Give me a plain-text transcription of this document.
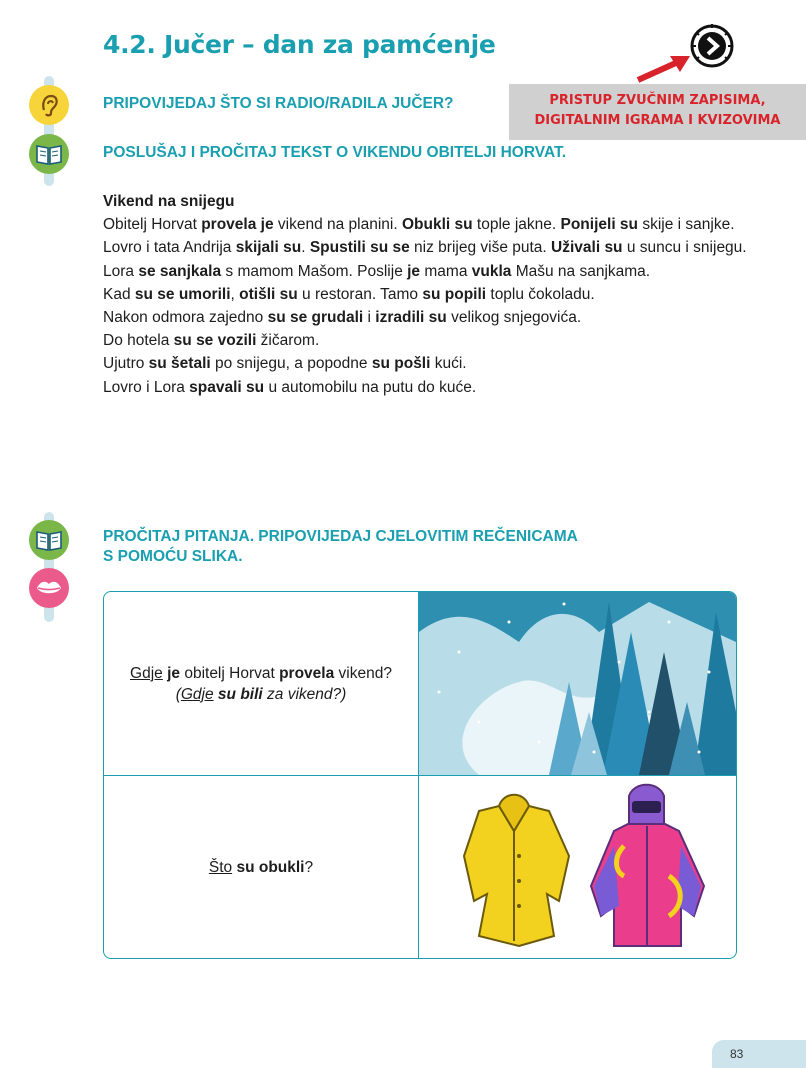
4.2. Jučer – dan za pamćenje
PRISTUP ZVUČNIM ZAPISIMA,
DIGITALNIM IGRAMA I KVIZOVIMA
PRIPOVIJEDAJ ŠTO SI RADIO/RADILA JUČER?
POSLUŠAJ I PROČITAJ TEKST O VIKENDU OBITELJI HORVAT.
Vikend na snijegu
Obitelj Horvat provela je vikend na planini. Obukli su tople jakne. Ponijeli su skije i sanjke.
Lovro i tata Andrija skijali su. Spustili su se niz brijeg više puta. Uživali su u suncu i snijegu.
Lora se sanjkala s mamom Mašom. Poslije je mama vukla Mašu na sanjkama.
Kad su se umorili, otišli su u restoran. Tamo su popili toplu čokoladu.
Nakon odmora zajedno su se grudali i izradili su velikog snjegovića.
Do hotela su se vozili žičarom.
Ujutro su šetali po snijegu, a popodne su pošli kući.
Lovro i Lora spavali su u automobilu na putu do kuće.
PROČITAJ PITANJA. PRIPOVIJEDAJ CJELOVITIM REČENICAMA
S POMOĆU SLIKA.
Gdje je obitelj Horvat provela vikend?
(Gdje su bili za vikend?)

Što su obukli?

83
